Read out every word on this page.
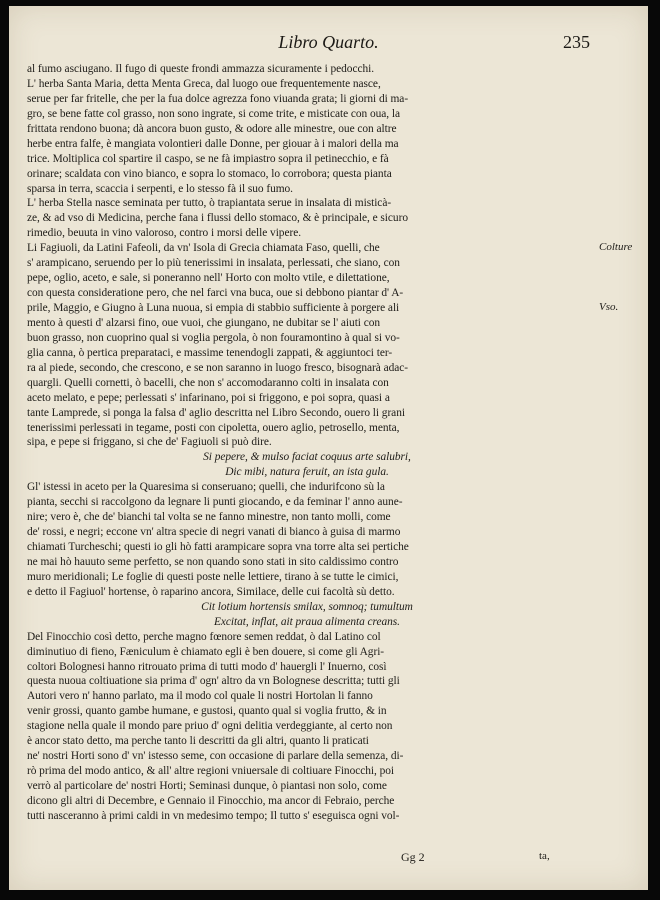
Libro Quarto.	235
al fumo asciugano. Il fugo di queste frondi ammazza sicuramente i pedocchi.
L' herba Santa Maria, detta Menta Greca, dal luogo oue frequentemente nasce,
serue per far fritelle, che per la fua dolce agrezza fono viuanda grata; li giorni di ma-
gro, se bene fatte col grasso, non sono ingrate, si come trite, e misticate con oua, la
frittata rendono buona; dà ancora buon gusto, & odore alle minestre, oue con altre
herbe entra falfe, è mangiata volontieri dalle Donne, per giouar à i malori della ma
trice. Moltiplica col spartire il caspo, se ne fà impiastro sopra il petinecchio, e fà
orinare; scaldata con vino bianco, e sopra lo stomaco, lo corrobora; questa pianta
sparsa in terra, scaccia i serpenti, e lo stesso fà il suo fumo.
L' herba Stella nasce seminata per tutto, ò trapiantata serue in insalata di misticà-
ze, & ad vso di Medicina, perche fana i flussi dello stomaco, & è principale, e sicuro
rimedio, beuuta in vino valoroso, contro i morsi delle vipere.
Li Fagiuoli, da Latini Fafeoli, da vn' Isola di Grecia chiamata Faso, quelli, che
s' arampicano, seruendo per lo più tenerissimi in insalata, perlessati, che siano, con
pepe, oglio, aceto, e sale, si poneranno nell' Horto con molto vtile, e dilettatione,
con questa consideratione pero, che nel farci vna buca, oue si debbono piantar d' A-
prile, Maggio, e Giugno à Luna nuoua, si empia di stabbio sufficiente à porgere ali
mento à questi d' alzarsi fino, oue vuoi, che giungano, ne dubitar se l' aiuti con
buon grasso, non cuoprino qual si voglia pergola, ò non fouramontino à qual si vo-
glia canna, ò pertica preparataci, e massime tenendogli zappati, & aggiuntoci ter-
ra al piede, secondo, che crescono, e se non saranno in luogo fresco, bisognarà adac-
quargli. Quelli cornetti, ò bacelli, che non s' accomodaranno colti in insalata con
aceto melato, e pepe; perlessati s' infarinano, poi si friggono, e poi sopra, quasi a
tante Lamprede, si ponga la falsa d' aglio descritta nel Libro Secondo, ouero li grani
tenerissimi perlessati in tegame, posti con cipoletta, ouero aglio, petrosello, menta,
sipa, e pepe si friggano, si che de' Fagiuoli si può dire.
Si pepere, & mulso faciat coquus arte salubri,
Dic mibi, natura feruit, an ista gula.
Gl' istessi in aceto per la Quaresima si conseruano; quelli, che indurifcono sù la
pianta, secchi si raccolgono da legnare li punti giocando, e da feminar l' anno aune-
nire; vero è, che de' bianchi tal volta se ne fanno minestre, non tanto molli, come
de' rossi, e negri; eccone vn' altra specie di negri vanati di bianco à guisa di marmo
chiamati Turcheschi; questi io gli hò fatti arampicare sopra vna torre alta sei pertiche
ne mai hò hauuto seme perfetto, se non quando sono stati in sito caldissimo contro
muro meridionali; Le foglie di questi poste nelle lettiere, tirano à se tutte le cimici,
e detto il Fagiuol' hortense, ò raparino ancora, Similace, delle cui facoltà sù detto.
Cit lotium hortensis smilax, somnoq; tumultum
Excitat, inflat, ait praua alimenta creans.
Del Finocchio così detto, perche magno fœnore semen reddat, ò dal Latino col
diminutiuo di fieno, Fæniculum è chiamato egli è ben douere, si come gli Agri-
coltori Bolognesi hanno ritrouato prima di tutti modo d' hauergli l' Inuerno, così
questa nuoua coltiuatione sia prima d' ogn' altro da vn Bolognese descritta; tutti gli
Autori vero n' hanno parlato, ma il modo col quale li nostri Hortolan li fanno
venir grossi, quanto gambe humane, e gustosi, quanto qual si voglia frutto, & in
stagione nella quale il mondo pare priuo d' ogni delitia verdeggiante, al certo non
è ancor stato detto, ma perche tanto li descritti da gli altri, quanto li praticati
ne' nostri Horti sono d' vn' istesso seme, con occasione di parlare della semenza, di-
rò prima del modo antico, & all' altre regioni vniuersale di coltiuare Finocchi, poi
verrò al particolare de' nostri Horti; Seminasi dunque, ò piantasi non solo, come
dicono gli altri di Decembre, e Gennaio il Finocchio, ma ancor di Febraio, perche
tutti nasceranno à primi caldi in vn medesimo tempo; Il tutto s' eseguisca ogni vol-
Colture
Vso.
Gg 2	ta,
